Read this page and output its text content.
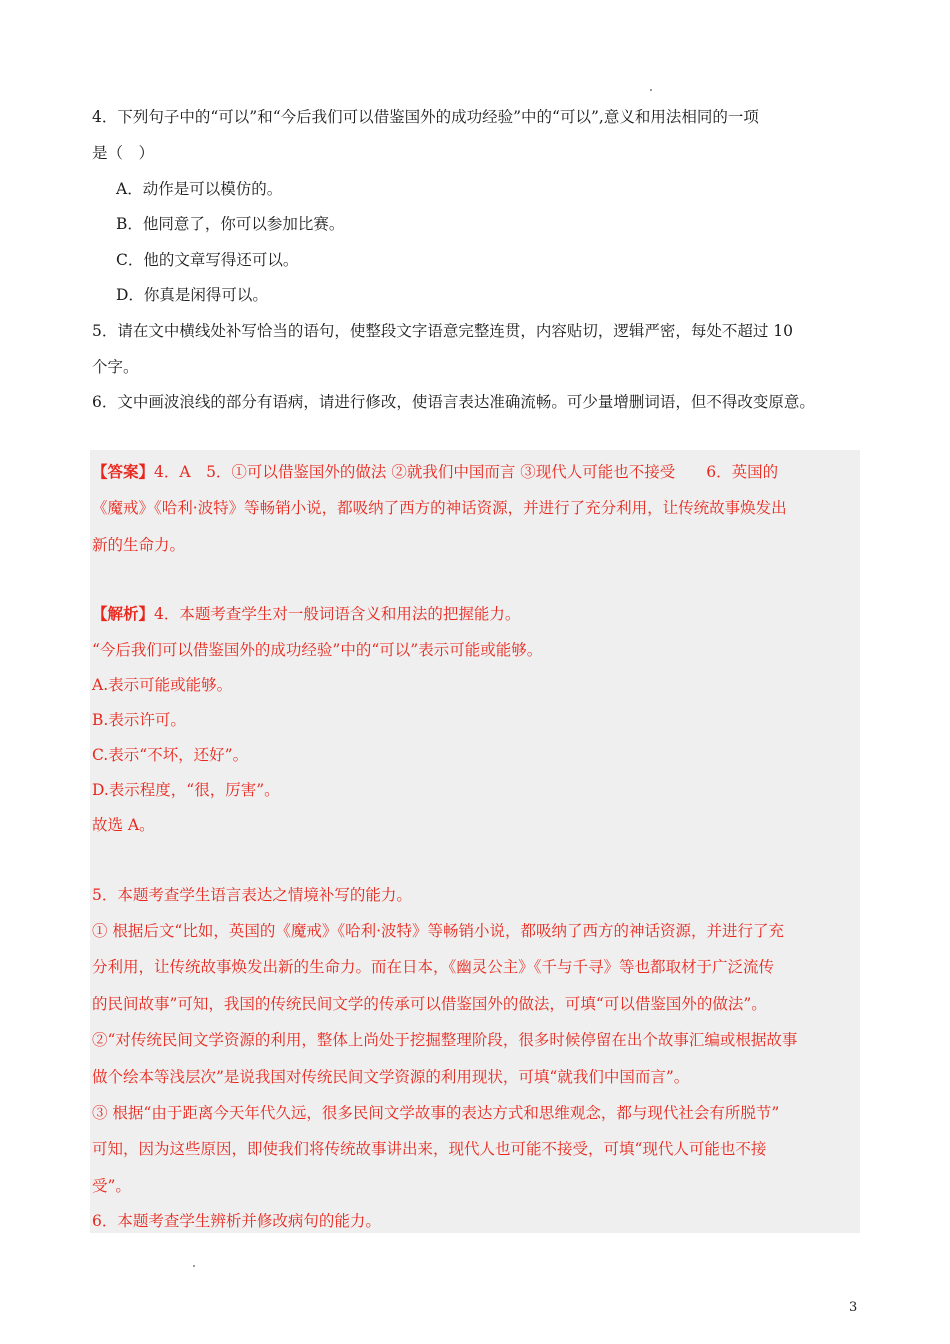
4．下列句子中的“可以”和“今后我们可以借鉴国外的成功经验”中的“可以”,意义和用法相同的一项
是（　）
A．动作是可以模仿的。
B．他同意了，你可以参加比赛。
C．他的文章写得还可以。
D．你真是闲得可以。
5．请在文中横线处补写恰当的语句，使整段文字语意完整连贯，内容贴切，逻辑严密，每处不超过 10
个字。
6．文中画波浪线的部分有语病，请进行修改，使语言表达准确流畅。可少量增删词语，但不得改变原意。
【答案】4．A　5．①可以借鉴国外的做法 ②就我们中国而言 ③现代人可能也不接受　　6．英国的
《魔戒》《哈利·波特》等畅销小说，都吸纳了西方的神话资源，并进行了充分利用，让传统故事焕发出
新的生命力。
【解析】4．本题考查学生对一般词语含义和用法的把握能力。
“今后我们可以借鉴国外的成功经验”中的“可以”表示可能或能够。
A.表示可能或能够。
B.表示许可。
C.表示“不坏，还好”。
D.表示程度，“很，厉害”。
故选 A。
5．本题考查学生语言表达之情境补写的能力。
① 根据后文“比如，英国的《魔戒》《哈利·波特》等畅销小说，都吸纳了西方的神话资源，并进行了充
分利用，让传统故事焕发出新的生命力。而在日本，《幽灵公主》《千与千寻》等也都取材于广泛流传
的民间故事”可知，我国的传统民间文学的传承可以借鉴国外的做法，可填“可以借鉴国外的做法”。
②“对传统民间文学资源的利用，整体上尚处于挖掘整理阶段，很多时候停留在出个故事汇编或根据故事
做个绘本等浅层次”是说我国对传统民间文学资源的利用现状，可填“就我们中国而言”。
③ 根据“由于距离今天年代久远，很多民间文学故事的表达方式和思维观念，都与现代社会有所脱节”
可知，因为这些原因，即使我们将传统故事讲出来，现代人也可能不接受，可填“现代人可能也不接
受”。
6．本题考查学生辨析并修改病句的能力。
3
